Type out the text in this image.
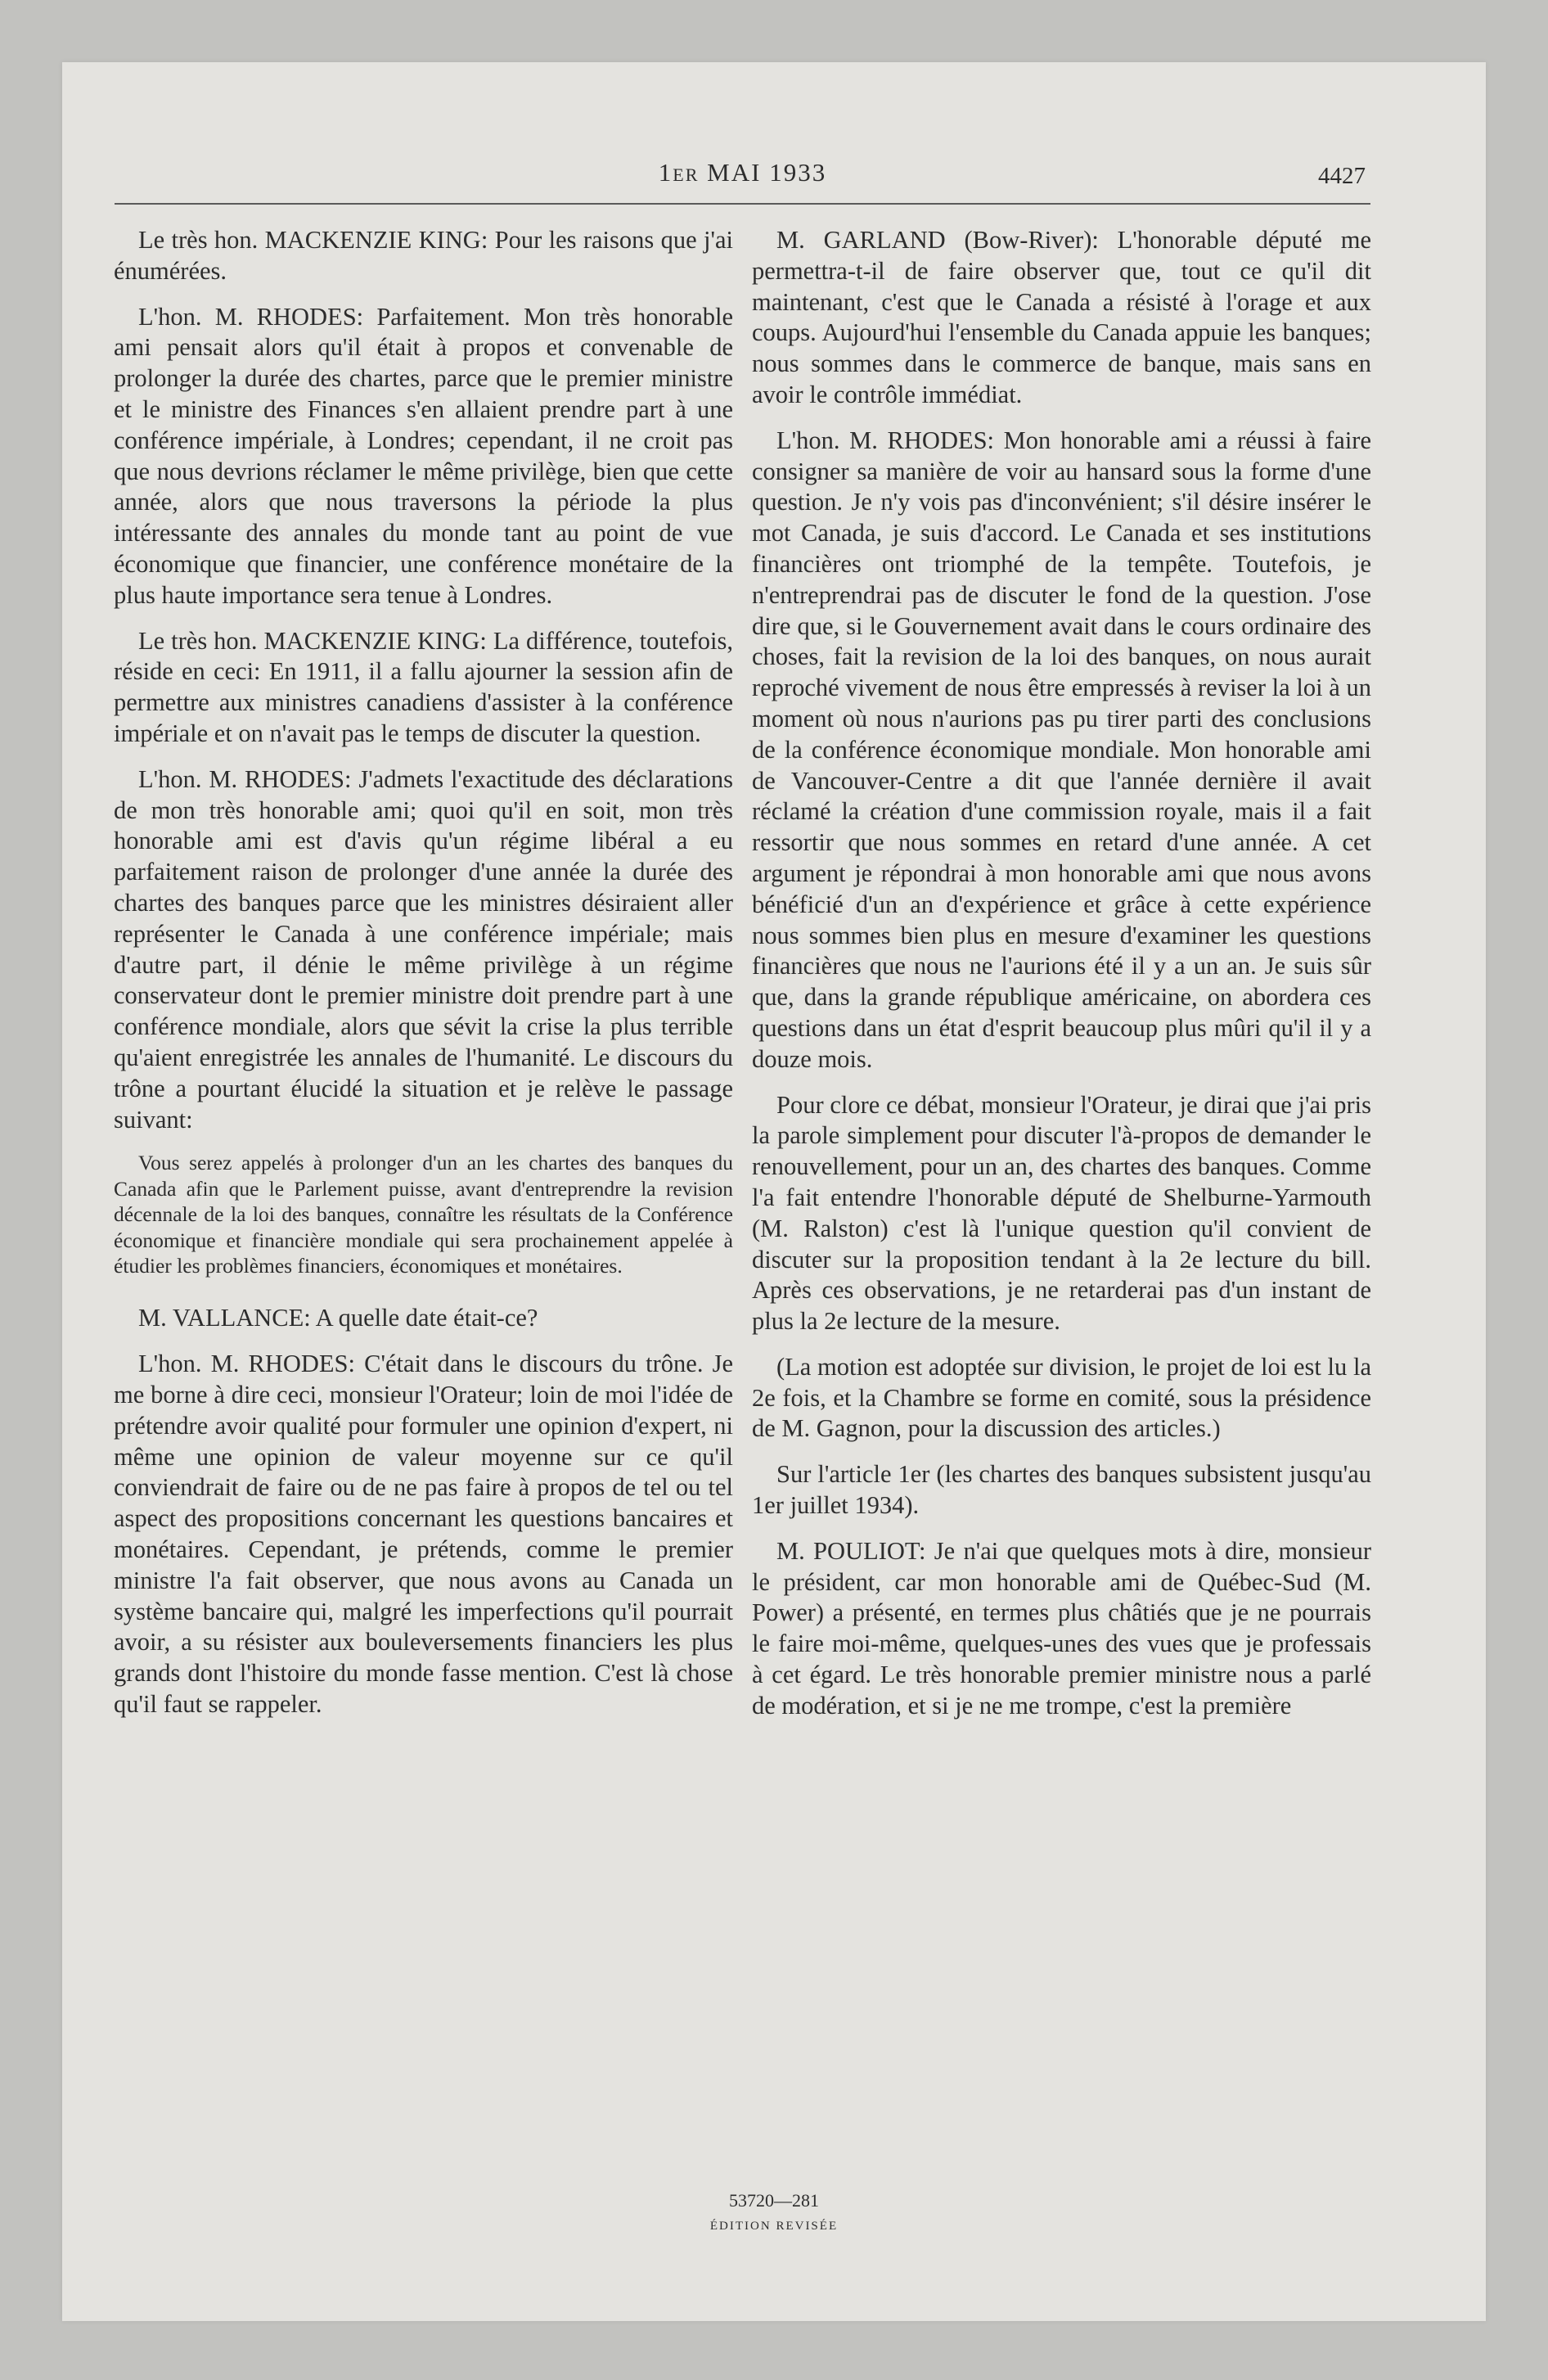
1ER MAI 1933	4427

Le très hon. MACKENZIE KING: Pour les raisons que j'ai énumérées.

L'hon. M. RHODES: Parfaitement. Mon très honorable ami pensait alors qu'il était à propos et convenable de prolonger la durée des chartes, parce que le premier ministre et le ministre des Finances s'en allaient prendre part à une conférence impériale, à Londres; cependant, il ne croit pas que nous devrions réclamer le même privilège, bien que cette année, alors que nous traversons la période la plus intéressante des annales du monde tant au point de vue économique que financier, une conférence monétaire de la plus haute importance sera tenue à Londres.

Le très hon. MACKENZIE KING: La différence, toutefois, réside en ceci: En 1911, il a fallu ajourner la session afin de permettre aux ministres canadiens d'assister à la conférence impériale et on n'avait pas le temps de discuter la question.

L'hon. M. RHODES: J'admets l'exactitude des déclarations de mon très honorable ami; quoi qu'il en soit, mon très honorable ami est d'avis qu'un régime libéral a eu parfaitement raison de prolonger d'une année la durée des chartes des banques parce que les ministres désiraient aller représenter le Canada à une conférence impériale; mais d'autre part, il dénie le même privilège à un régime conservateur dont le premier ministre doit prendre part à une conférence mondiale, alors que sévit la crise la plus terrible qu'aient enregistrée les annales de l'humanité. Le discours du trône a pourtant élucidé la situation et je relève le passage suivant:

Vous serez appelés à prolonger d'un an les chartes des banques du Canada afin que le Parlement puisse, avant d'entreprendre la revision décennale de la loi des banques, connaître les résultats de la Conférence économique et financière mondiale qui sera prochainement appelée à étudier les problèmes financiers, économiques et monétaires.

M. VALLANCE: A quelle date était-ce?

L'hon. M. RHODES: C'était dans le discours du trône. Je me borne à dire ceci, monsieur l'Orateur; loin de moi l'idée de prétendre avoir qualité pour formuler une opinion d'expert, ni même une opinion de valeur moyenne sur ce qu'il conviendrait de faire ou de ne pas faire à propos de tel ou tel aspect des propositions concernant les questions bancaires et monétaires. Cependant, je prétends, comme le premier ministre l'a fait observer, que nous avons au Canada un système bancaire qui, malgré les imperfections qu'il pourrait avoir, a su résister aux bouleversements financiers les plus grands dont l'histoire du monde fasse mention. C'est là chose qu'il faut se rappeler.

M. GARLAND (Bow-River): L'honorable député me permettra-t-il de faire observer que, tout ce qu'il dit maintenant, c'est que le Canada a résisté à l'orage et aux coups. Aujourd'hui l'ensemble du Canada appuie les banques; nous sommes dans le commerce de banque, mais sans en avoir le contrôle immédiat.

L'hon. M. RHODES: Mon honorable ami a réussi à faire consigner sa manière de voir au hansard sous la forme d'une question. Je n'y vois pas d'inconvénient; s'il désire insérer le mot Canada, je suis d'accord. Le Canada et ses institutions financières ont triomphé de la tempête. Toutefois, je n'entreprendrai pas de discuter le fond de la question. J'ose dire que, si le Gouvernement avait dans le cours ordinaire des choses, fait la revision de la loi des banques, on nous aurait reproché vivement de nous être empressés à reviser la loi à un moment où nous n'aurions pas pu tirer parti des conclusions de la conférence économique mondiale. Mon honorable ami de Vancouver-Centre a dit que l'année dernière il avait réclamé la création d'une commission royale, mais il a fait ressortir que nous sommes en retard d'une année. A cet argument je répondrai à mon honorable ami que nous avons bénéficié d'un an d'expérience et grâce à cette expérience nous sommes bien plus en mesure d'examiner les questions financières que nous ne l'aurions été il y a un an. Je suis sûr que, dans la grande république américaine, on abordera ces questions dans un état d'esprit beaucoup plus mûri qu'il il y a douze mois.

Pour clore ce débat, monsieur l'Orateur, je dirai que j'ai pris la parole simplement pour discuter l'à-propos de demander le renouvellement, pour un an, des chartes des banques. Comme l'a fait entendre l'honorable député de Shelburne-Yarmouth (M. Ralston) c'est là l'unique question qu'il convient de discuter sur la proposition tendant à la 2e lecture du bill. Après ces observations, je ne retarderai pas d'un instant de plus la 2e lecture de la mesure.

(La motion est adoptée sur division, le projet de loi est lu la 2e fois, et la Chambre se forme en comité, sous la présidence de M. Gagnon, pour la discussion des articles.)

Sur l'article 1er (les chartes des banques subsistent jusqu'au 1er juillet 1934).

M. POULIOT: Je n'ai que quelques mots à dire, monsieur le président, car mon honorable ami de Québec-Sud (M. Power) a présenté, en termes plus châtiés que je ne pourrais le faire moi-même, quelques-unes des vues que je professais à cet égard. Le très honorable premier ministre nous a parlé de modération, et si je ne me trompe, c'est la première

53720—281
ÉDITION REVISÉE
